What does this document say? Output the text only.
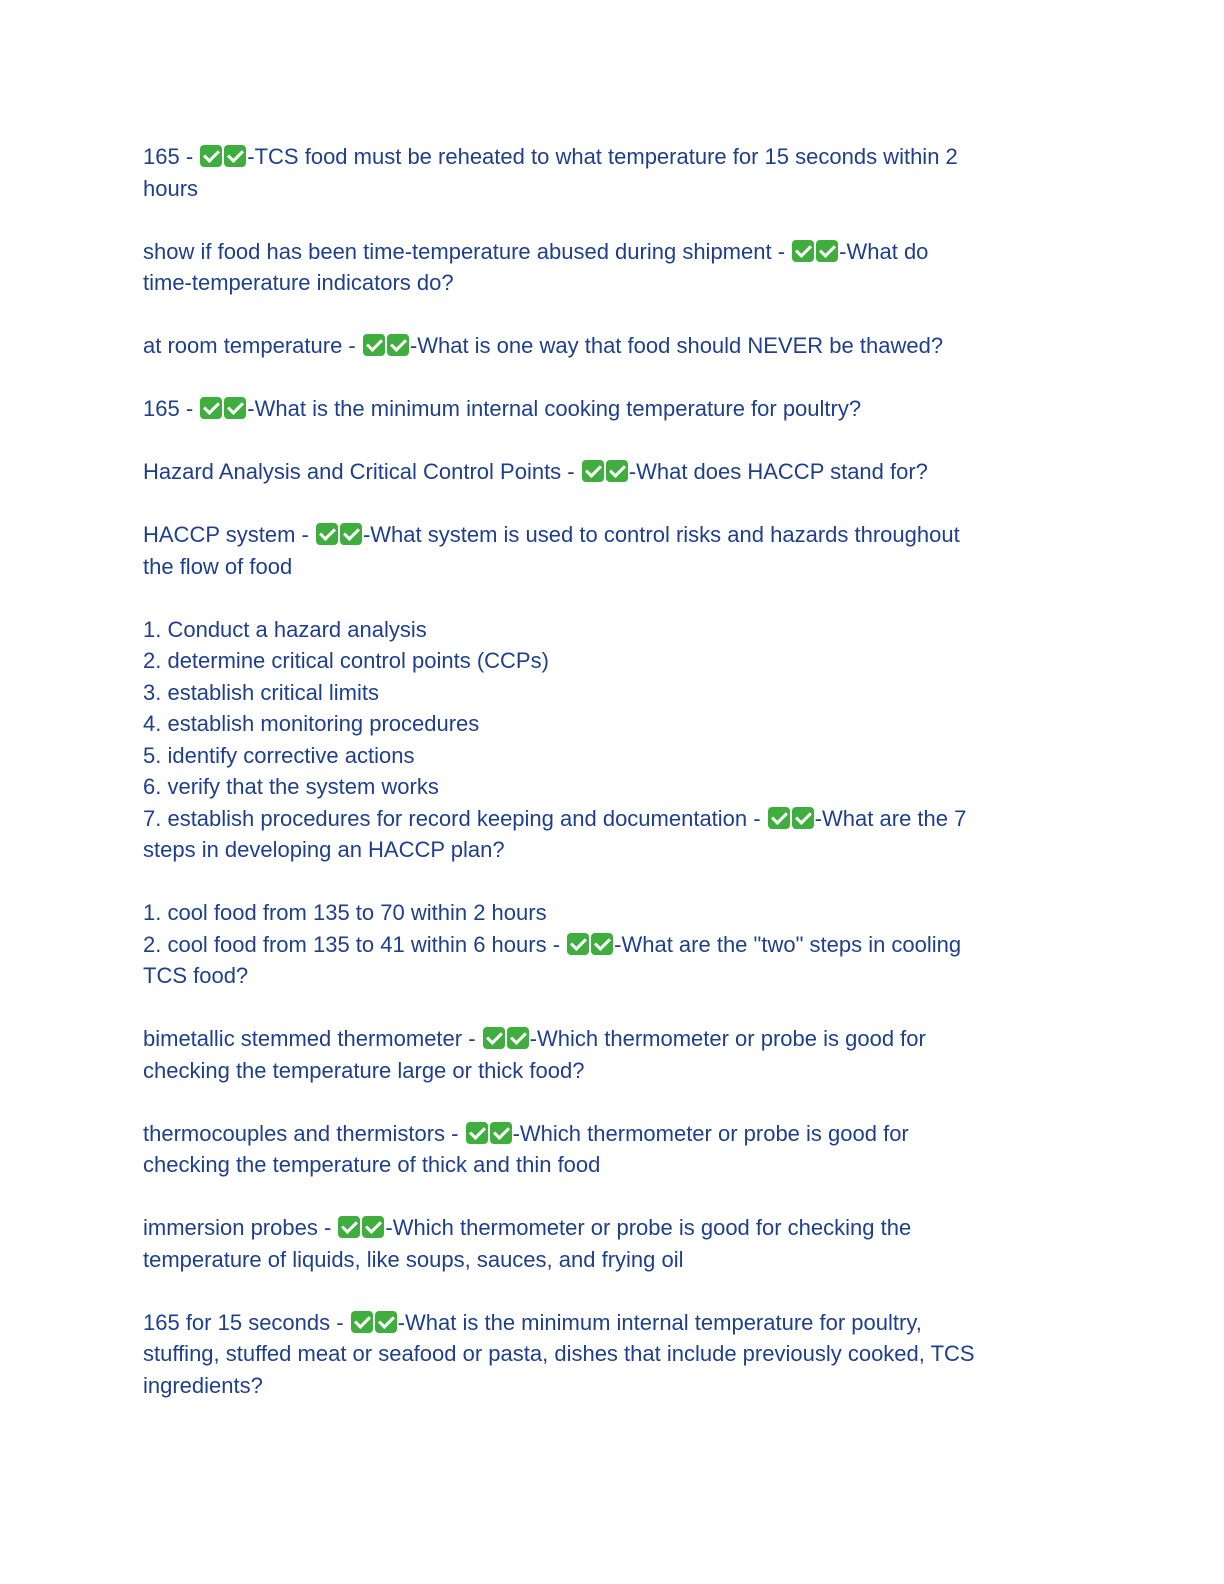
165 - -TCS food must be reheated to what temperature for 15 seconds within 2
hours
show if food has been time-temperature abused during shipment - -What do
time-temperature indicators do?
at room temperature - -What is one way that food should NEVER be thawed?
165 - -What is the minimum internal cooking temperature for poultry?
Hazard Analysis and Critical Control Points - -What does HACCP stand for?
HACCP system - -What system is used to control risks and hazards throughout
the flow of food
1. Conduct a hazard analysis
2. determine critical control points (CCPs)
3. establish critical limits
4. establish monitoring procedures
5. identify corrective actions
6. verify that the system works
7. establish procedures for record keeping and documentation - -What are the 7
steps in developing an HACCP plan?
1. cool food from 135 to 70 within 2 hours
2. cool food from 135 to 41 within 6 hours - -What are the "two" steps in cooling
TCS food?
bimetallic stemmed thermometer - -Which thermometer or probe is good for
checking the temperature large or thick food?
thermocouples and thermistors - -Which thermometer or probe is good for
checking the temperature of thick and thin food
immersion probes - -Which thermometer or probe is good for checking the
temperature of liquids, like soups, sauces, and frying oil
165 for 15 seconds - -What is the minimum internal temperature for poultry,
stuffing, stuffed meat or seafood or pasta, dishes that include previously cooked, TCS
ingredients?
